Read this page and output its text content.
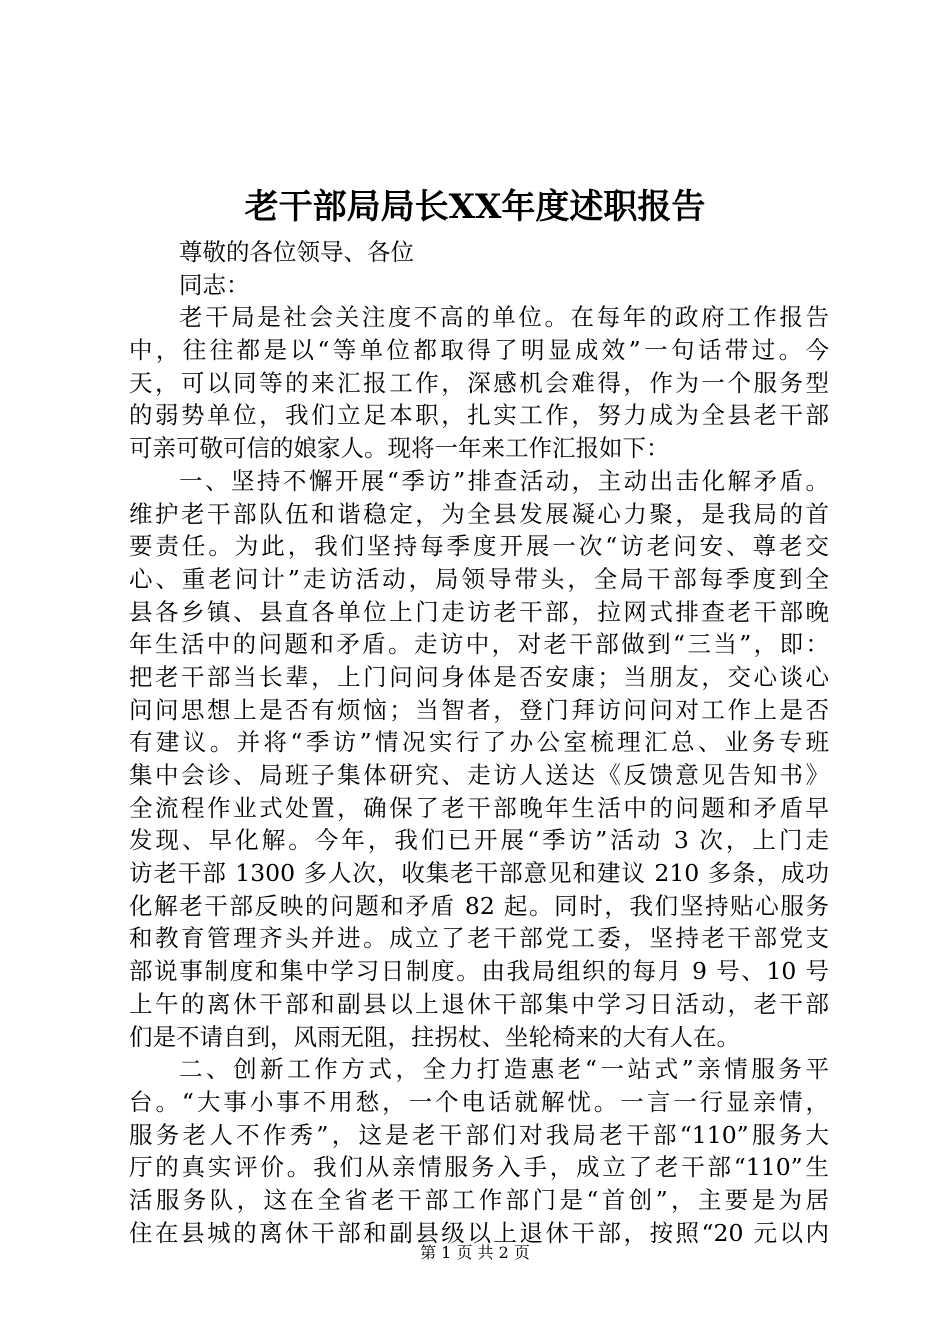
老干部局局长XX年度述职报告
尊敬的各位领导、各位
同志：
老干局是社会关注度不高的单位。在每年的政府工作报告
中，往往都是以“等单位都取得了明显成效”一句话带过。今
天，可以同等的来汇报工作，深感机会难得，作为一个服务型
的弱势单位，我们立足本职，扎实工作，努力成为全县老干部
可亲可敬可信的娘家人。现将一年来工作汇报如下：
一、坚持不懈开展“季访”排查活动，主动出击化解矛盾。
维护老干部队伍和谐稳定，为全县发展凝心力聚，是我局的首
要责任。为此，我们坚持每季度开展一次“访老问安、尊老交
心、重老问计”走访活动，局领导带头，全局干部每季度到全
县各乡镇、县直各单位上门走访老干部，拉网式排查老干部晚
年生活中的问题和矛盾。走访中，对老干部做到“三当”，即：
把老干部当长辈，上门问问身体是否安康；当朋友，交心谈心
问问思想上是否有烦恼；当智者，登门拜访问问对工作上是否
有建议。并将“季访”情况实行了办公室梳理汇总、业务专班
集中会诊、局班子集体研究、走访人送达《反馈意见告知书》
全流程作业式处置，确保了老干部晚年生活中的问题和矛盾早
发现、早化解。今年，我们已开展“季访”活动 3 次，上门走
访老干部 1300 多人次，收集老干部意见和建议 210 多条，成功
化解老干部反映的问题和矛盾 82 起。同时，我们坚持贴心服务
和教育管理齐头并进。成立了老干部党工委，坚持老干部党支
部说事制度和集中学习日制度。由我局组织的每月 9 号、10 号
上午的离休干部和副县以上退休干部集中学习日活动，老干部
们是不请自到，风雨无阻，拄拐杖、坐轮椅来的大有人在。
二、创新工作方式，全力打造惠老“一站式”亲情服务平
台。“大事小事不用愁，一个电话就解忧。一言一行显亲情，
服务老人不作秀”，这是老干部们对我局老干部“110”服务大
厅的真实评价。我们从亲情服务入手，成立了老干部“110”生
活服务队，这在全省老干部工作部门是“首创”，主要是为居
住在县城的离休干部和副县级以上退休干部，按照“20 元以内
第 1 页 共 2 页
